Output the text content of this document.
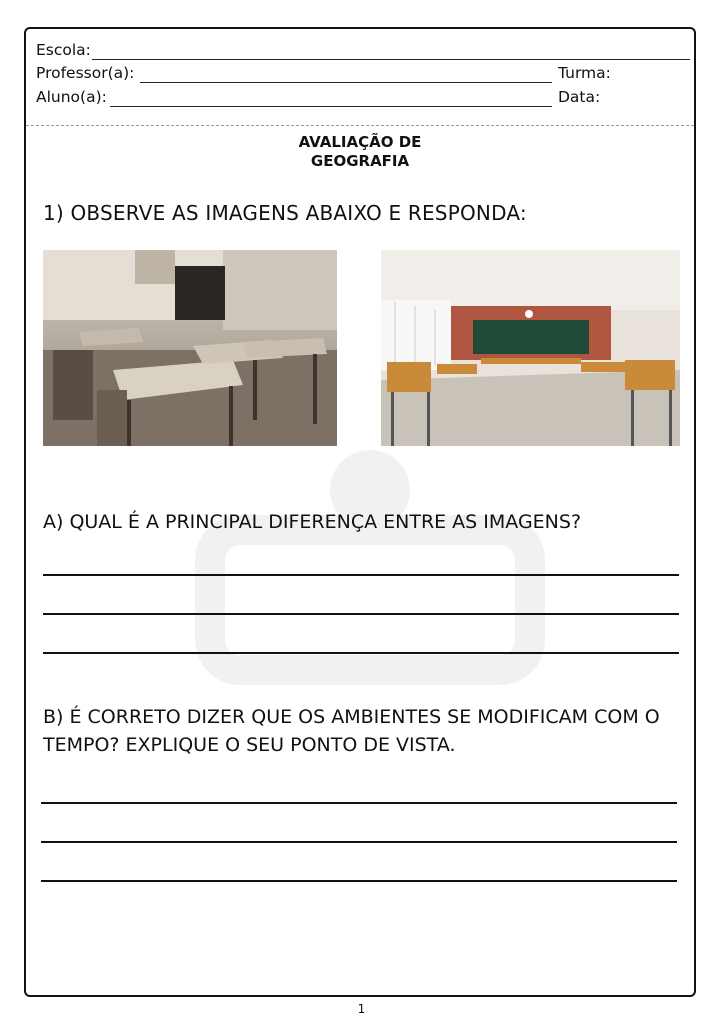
Escola:
Professor(a):	Turma:
Aluno(a):	Data:
AVALIAÇÃO DE
GEOGRAFIA
1) OBSERVE AS IMAGENS ABAIXO E RESPONDA:
A) QUAL É A PRINCIPAL DIFERENÇA ENTRE AS IMAGENS?
B) É CORRETO DIZER QUE OS AMBIENTES SE MODIFICAM COM O TEMPO? EXPLIQUE O SEU PONTO DE VISTA.
1
